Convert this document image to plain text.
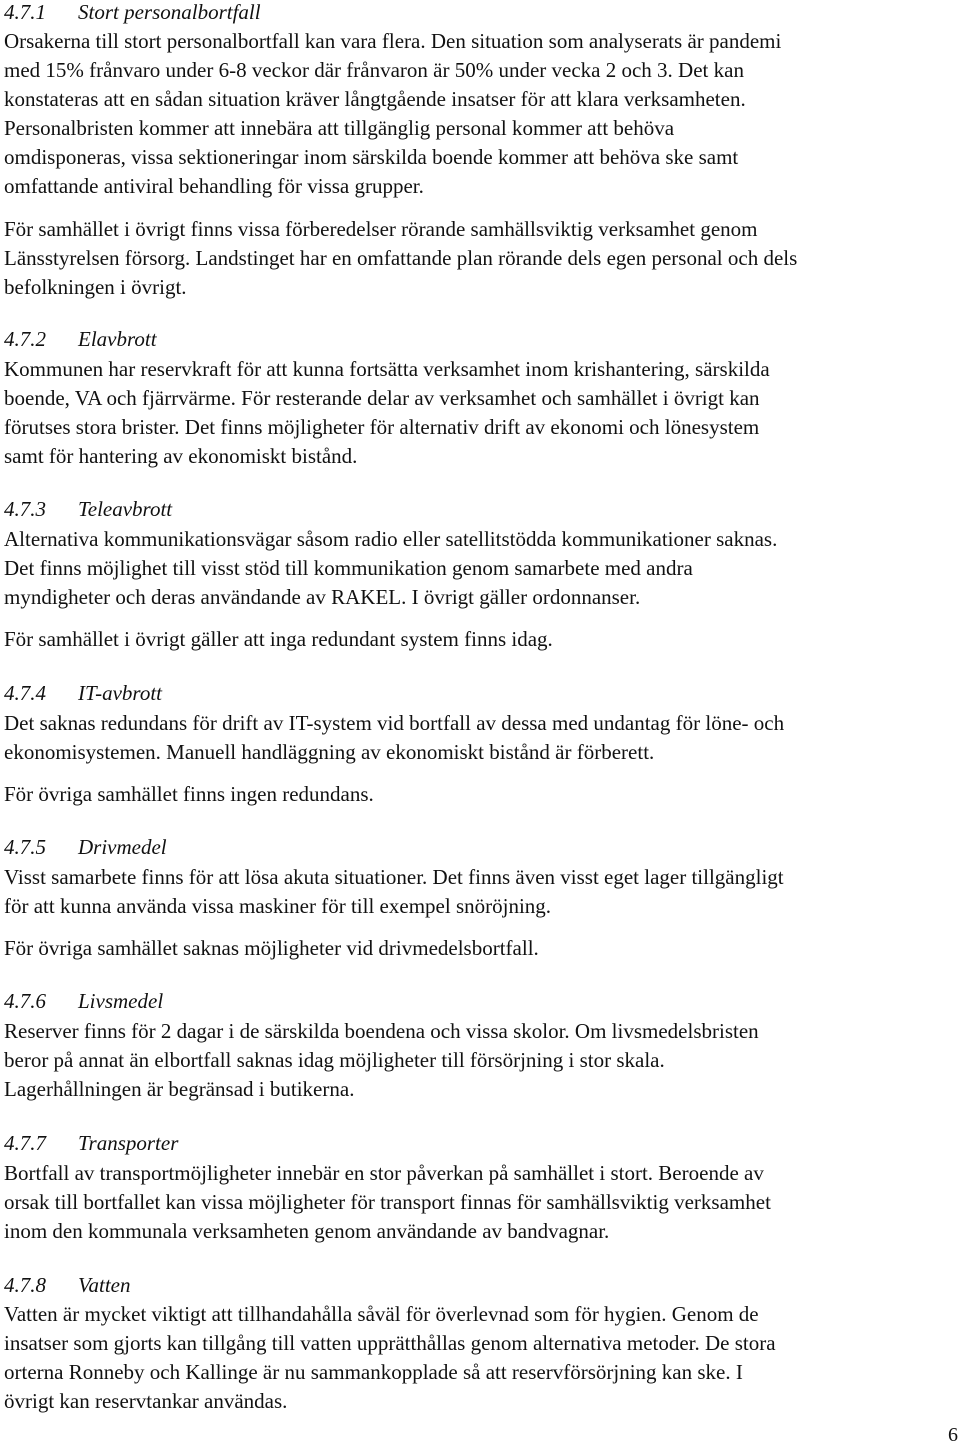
4.7.1 Stort personalbortfall
Orsakerna till stort personalbortfall kan vara flera. Den situation som analyserats är pandemi
med 15% frånvaro under 6-8 veckor där frånvaron är 50% under vecka 2 och 3. Det kan
konstateras att en sådan situation kräver långtgående insatser för att klara verksamheten.
Personalbristen kommer att innebära att tillgänglig personal kommer att behöva
omdisponeras, vissa sektioneringar inom särskilda boende kommer att behöva ske samt
omfattande antiviral behandling för vissa grupper.
För samhället i övrigt finns vissa förberedelser rörande samhällsviktig verksamhet genom
Länsstyrelsen försorg. Landstinget har en omfattande plan rörande dels egen personal och dels
befolkningen i övrigt.
4.7.2 Elavbrott
Kommunen har reservkraft för att kunna fortsätta verksamhet inom krishantering, särskilda
boende, VA och fjärrvärme. För resterande delar av verksamhet och samhället i övrigt kan
förutses stora brister. Det finns möjligheter för alternativ drift av ekonomi och lönesystem
samt för hantering av ekonomiskt bistånd.
4.7.3 Teleavbrott
Alternativa kommunikationsvägar såsom radio eller satellitstödda kommunikationer saknas.
Det finns möjlighet till visst stöd till kommunikation genom samarbete med andra
myndigheter och deras användande av RAKEL. I övrigt gäller ordonnanser.
För samhället i övrigt gäller att inga redundant system finns idag.
4.7.4 IT-avbrott
Det saknas redundans för drift av IT-system vid bortfall av dessa med undantag för löne- och
ekonomisystemen. Manuell handläggning av ekonomiskt bistånd är förberett.
För övriga samhället finns ingen redundans.
4.7.5 Drivmedel
Visst samarbete finns för att lösa akuta situationer. Det finns även visst eget lager tillgängligt
för att kunna använda vissa maskiner för till exempel snöröjning.
För övriga samhället saknas möjligheter vid drivmedelsbortfall.
4.7.6 Livsmedel
Reserver finns för 2 dagar i de särskilda boendena och vissa skolor. Om livsmedelsbristen
beror på annat än elbortfall saknas idag möjligheter till försörjning i stor skala.
Lagerhållningen är begränsad i butikerna.
4.7.7 Transporter
Bortfall av transportmöjligheter innebär en stor påverkan på samhället i stort. Beroende av
orsak till bortfallet kan vissa möjligheter för transport finnas för samhällsviktig verksamhet
inom den kommunala verksamheten genom användande av bandvagnar.
4.7.8 Vatten
Vatten är mycket viktigt att tillhandahålla såväl för överlevnad som för hygien. Genom de
insatser som gjorts kan tillgång till vatten upprätthållas genom alternativa metoder. De stora
orterna Ronneby och Kallinge är nu sammankopplade så att reservförsörjning kan ske. I
övrigt kan reservtankar användas.
6
